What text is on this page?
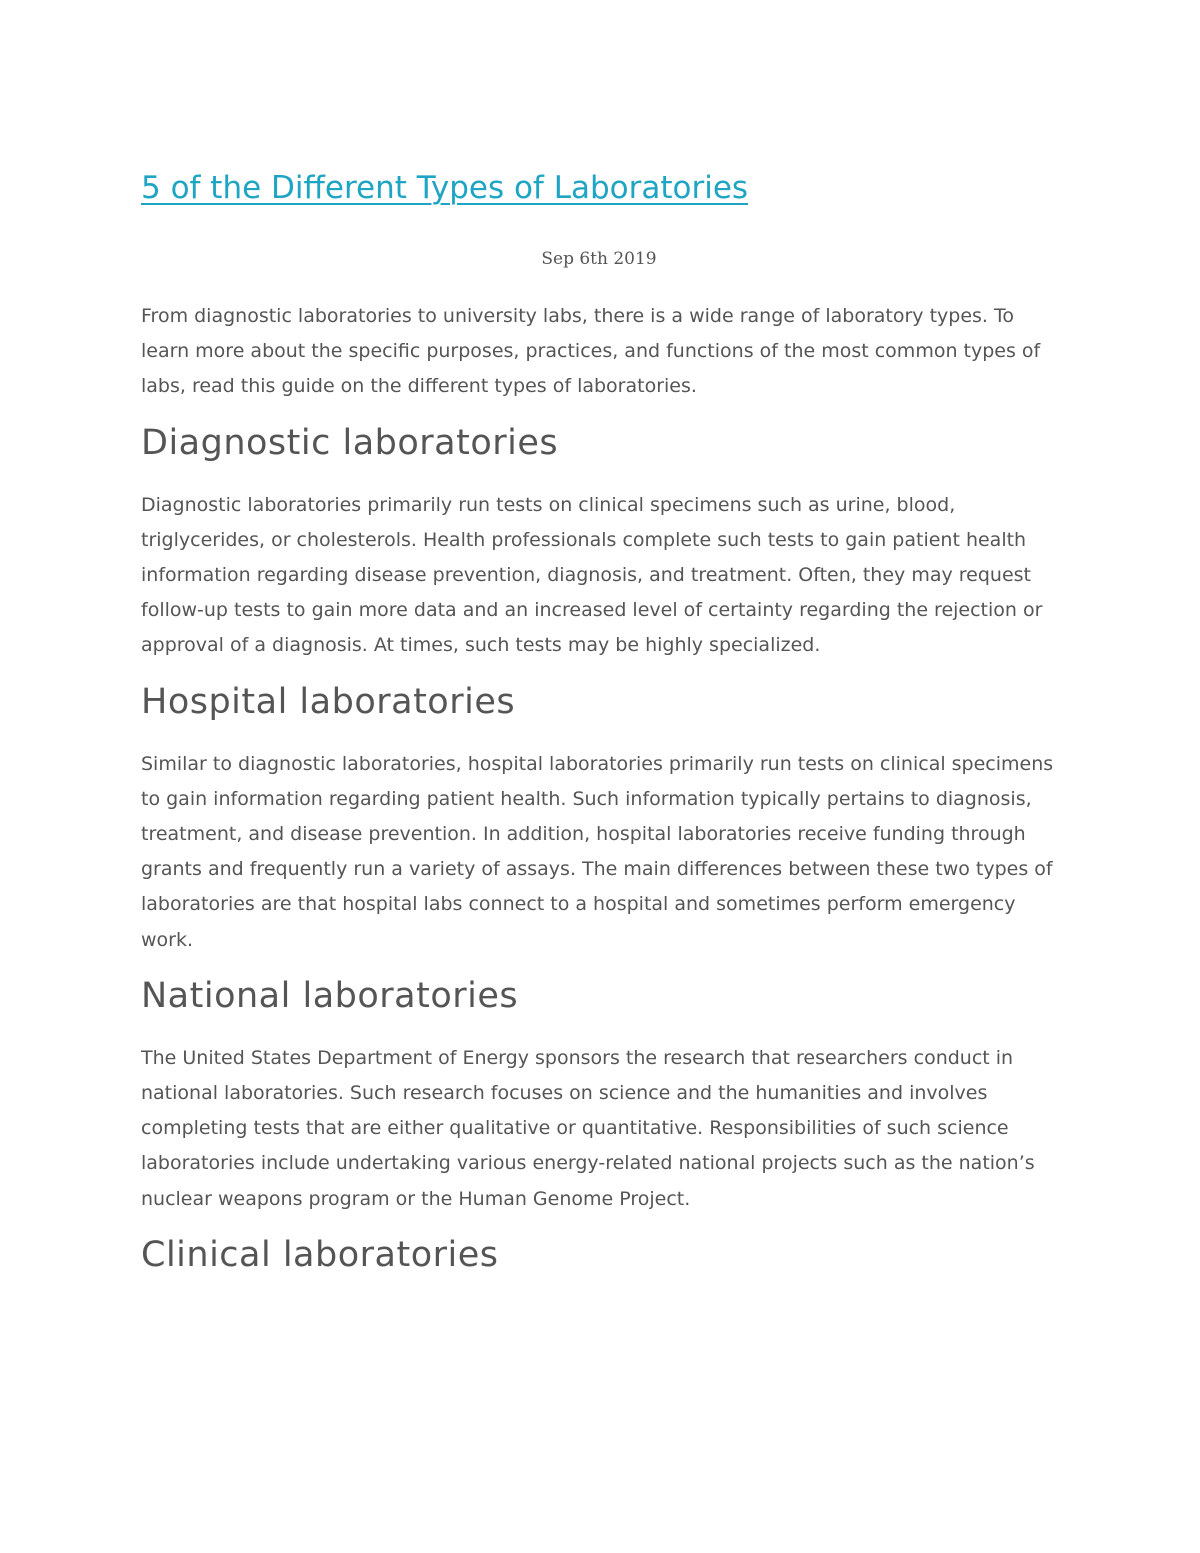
5 of the Different Types of Laboratories
Sep 6th 2019

From diagnostic laboratories to university labs, there is a wide range of laboratory types. To learn more about the specific purposes, practices, and functions of the most common types of labs, read this guide on the different types of laboratories.

Diagnostic laboratories

Diagnostic laboratories primarily run tests on clinical specimens such as urine, blood, triglycerides, or cholesterols. Health professionals complete such tests to gain patient health information regarding disease prevention, diagnosis, and treatment. Often, they may request follow-up tests to gain more data and an increased level of certainty regarding the rejection or approval of a diagnosis. At times, such tests may be highly specialized.

Hospital laboratories

Similar to diagnostic laboratories, hospital laboratories primarily run tests on clinical specimens to gain information regarding patient health. Such information typically pertains to diagnosis, treatment, and disease prevention. In addition, hospital laboratories receive funding through grants and frequently run a variety of assays. The main differences between these two types of laboratories are that hospital labs connect to a hospital and sometimes perform emergency work.

National laboratories

The United States Department of Energy sponsors the research that researchers conduct in national laboratories. Such research focuses on science and the humanities and involves completing tests that are either qualitative or quantitative. Responsibilities of such science laboratories include undertaking various energy-related national projects such as the nation’s nuclear weapons program or the Human Genome Project.

Clinical laboratories
